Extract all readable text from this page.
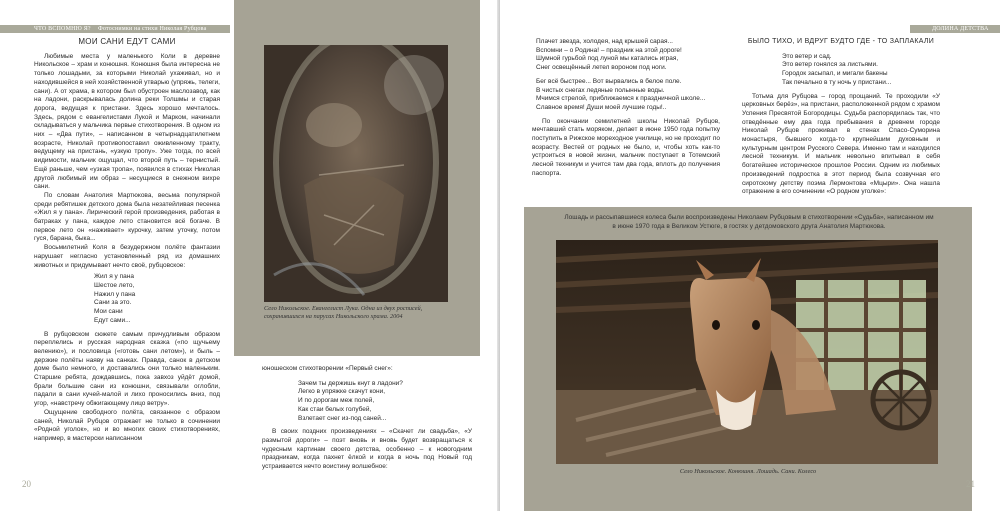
ЧТО ВСПОМНЮ Я? Фотоснимки на стихи Николая Рубцова
МОИ САНИ ЕДУТ САМИ

Любимые места у маленького Коли в деревне Никольское – храм и конюшня. Конюшня была интересна не только лошадьми, за которыми Николай ухаживал, но и находившейся в ней хозяйственной утварью (упряжь, телеги, сани). А от храма, в котором был обустроен маслозавод, как на ладони, раскрывалась долина реки Толшмы и старая дорога, ведущая к пристани. Здесь хорошо мечталось. Здесь, рядом с евангелистами Лукой и Марком, начинали складываться у мальчика первые стихотворения. В одном из них – «Два пути», – написанном в четырнадцатилетнем возрасте, Николай противопоставил оживленному тракту, ведущему на пристань, «узкую тропу». Уже тогда, по всей видимости, мальчик ощущал, что второй путь – тернистый. Ещё раньше, чем «узкая тропа», появился в стихах Николая другой любимый им образ – несущиеся в снежном вихре сани.

По словам Анатолия Мартюкова, весьма популярной среди ребятишек детского дома была незатейливая песенка «Жил я у пана». Лирический герой произведения, работая в батраках у пана, каждое лето становится всё богаче. В первое лето он «наживает» курочку, затем уточку, потом гуся, барана, быка...

Восьмилетний Коля в безудержном полёте фантазии нарушает негласно установленный ряд из домашних животных и придумывает нечто своё, рубцовское:

Жил я у пана
Шестое лето,
Нажил у пана
Сани за это.
Мои сани
Едут сами...

В рубцовском сюжете самым причудливым образом переплелись и русская народная сказка («по щучьему велению»), и пословица («готовь сани летом»), и быль – дерзкие полёты наяву на санках. Правда, санок в детском доме было немного, и доставались они только маленьким. Старшие ребята, дождавшись, пока завхоз уйдёт домой, брали большие сани из конюшни, связывали оглобли, падали в сани кучей-малой и лихо проносились вниз, под угор, «навстречу обжигающему лицо ветру».

Ощущение свободного полёта, связанное с образом саней, Николай Рубцов отражает не только в сочинении «Родной уголок», но и во многих своих стихотворениях, например, в мастерски написанном

Село Никольское. Евангелист Лука. Одна из двух росписей, сохранившихся на парусах Никольского храма. 2004
юношеском стихотворении «Первый снег»:
Зачем ты держишь кнут в ладони?
Легко в упряжке скачут кони,
И по дорогам меж полей,
Как стаи белых голубей,
Взлетает снег из-под саней...

В своих поздних произведениях – «Скачет ли свадьба», «У размытой дороги» – поэт вновь и вновь будет возвращаться к чудесным картинам своего детства, особенно – к новогодним праздникам, когда пахнет ёлкой и когда в ночь под Новый год устраивается нечто воистину волшебное:

20
ДОЛИНА ДЕТСТВА
Плачет звезда, холодея, над крышей сарая...
Вспомни – о Родина! – праздник на этой дороге!
Шумной гурьбой под луной мы катались играя,
Снег освещённый летел вороном под ноги.
Бег всё быстрее... Вот вырвались в белое поле.
В чистых снегах ледяные полынные воды.
Мчимся стрелой, приближаемся к праздничной школе...
Славное время! Души моей лучшие годы!..

По окончании семилетней школы Николай Рубцов, мечтавший стать моряком, делает в июне 1950 года попытку поступить в Рижское мореходное училище, но не проходит по возрасту. Вестей от родных не было, и, чтобы хоть как-то устроиться в новой жизни, мальчик поступает в Тотемский лесной техникум и учится там два года, вплоть до получения паспорта.

БЫЛО ТИХО, И ВДРУГ БУДТО ГДЕ - ТО ЗАПЛАКАЛИ
Это ветер и сад.
Это ветер гонялся за листьями.
Городок засыпал, и мигали бакены
Так печально в ту ночь у пристани...

Тотьма для Рубцова – город прощаний. Те проходили «У церковных берёз», на пристани, расположенной рядом с храмом Успения Пресвятой Богородицы. Судьба распорядилась так, что отведённые ему два года пребывания в древнем городе Николай Рубцов проживал в стенах Спасо-Суморина монастыря, бывшего когда-то крупнейшим духовным и культурным центром Русского Севера. Именно там и находился лесной техникум. И мальчик невольно впитывал в себя богатейшее историческое прошлое России. Одним из любимых произведений подростка в этот период была созвучная его сиротскому детству поэма Лермонтова «Мцыри». Она нашла отражение в его сочинении «О родном уголке»:

Лошадь и рассыпавшиеся колеса были воспроизведены Николаем Рубцовым в стихотворении «Судьба», написанном им в июне 1970 года в Великом Устюге, в гостях у детдомовского друга Анатолия Мартюкова.
Село Никольское. Конюшня. Лошадь. Сани. Колесо
21
